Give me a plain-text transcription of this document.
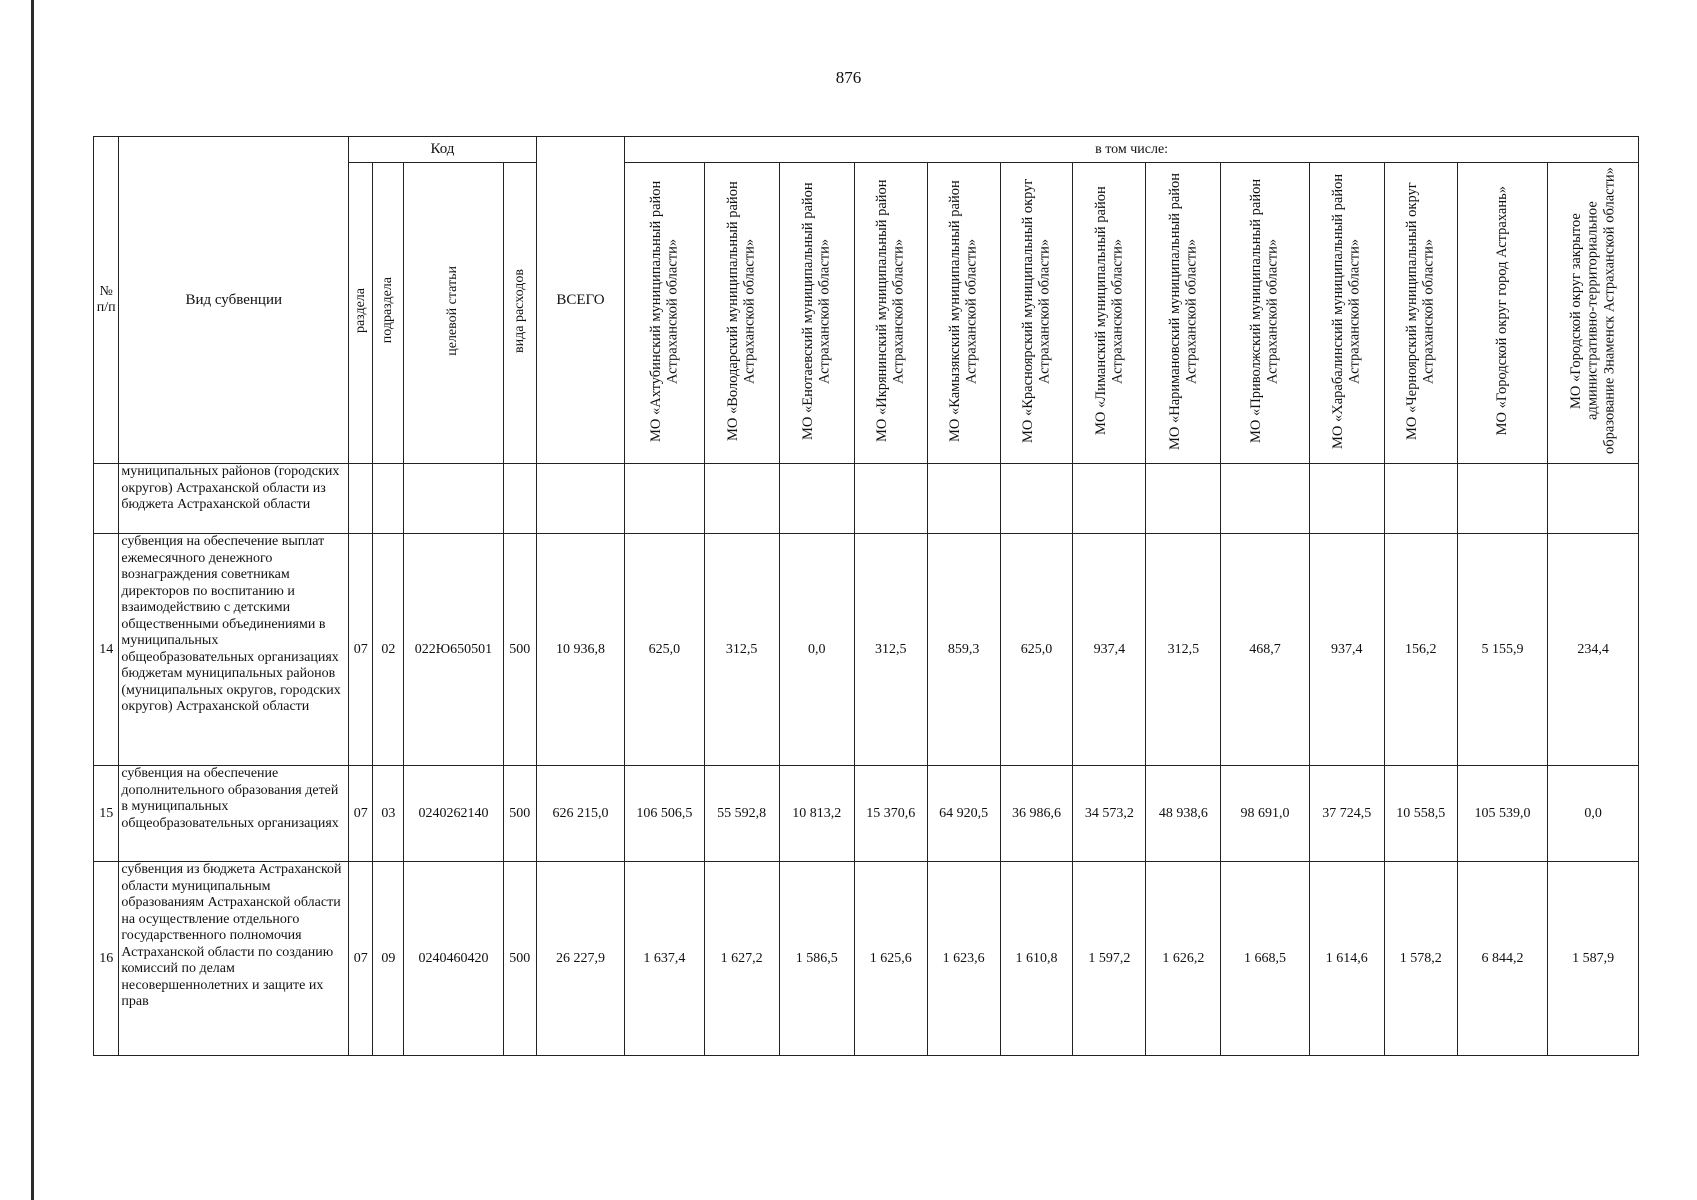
876
№ п/п	Вид субвенции	Код				ВСЕГО	в том числе:												
		раздела	подраздела	целевой статьи	вида расходов		МО «Ахтубинский муниципальный район Астраханской области»	МО «Володарский муниципальный район Астраханской области»	МО «Енотаевский муниципальный район Астраханской области»	МО «Икрянинский муниципальный район Астраханской области»	МО «Камызякский муниципальный район Астраханской области»	МО «Красноярский муниципальный округ Астраханской области»	МО «Лиманский муниципальный район Астраханской области»	МО «Наримановский муниципальный район Астраханской области»	МО «Приволжский муниципальный район Астраханской области»	МО «Харабалинский муниципальный район Астраханской области»	МО «Черноярский муниципальный округ Астраханской области»	МО «Городской округ город Астрахань»	МО «Городской округ закрытое административно-территориальное образование Знаменск Астраханской области»
	муниципальных районов (городских округов) Астраханской области из бюджета Астраханской области																		
14	субвенция на обеспечение выплат ежемесячного денежного вознаграждения советникам директоров по воспитанию и взаимодействию с детскими общественными объединениями в муниципальных общеобразовательных организациях бюджетам муниципальных районов (муниципальных округов, городских округов) Астраханской области	07	02	022Ю650501	500	10 936,8	625,0	312,5	0,0	312,5	859,3	625,0	937,4	312,5	468,7	937,4	156,2	5 155,9	234,4
15	субвенция на обеспечение дополнительного образования детей в муниципальных общеобразовательных организациях	07	03	0240262140	500	626 215,0	106 506,5	55 592,8	10 813,2	15 370,6	64 920,5	36 986,6	34 573,2	48 938,6	98 691,0	37 724,5	10 558,5	105 539,0	0,0
16	субвенция из бюджета Астраханской области муниципальным образованиям Астраханской области на осуществление отдельного государственного полномочия Астраханской области по созданию комиссий по делам несовершеннолетних и защите их прав	07	09	0240460420	500	26 227,9	1 637,4	1 627,2	1 586,5	1 625,6	1 623,6	1 610,8	1 597,2	1 626,2	1 668,5	1 614,6	1 578,2	6 844,2	1 587,9
